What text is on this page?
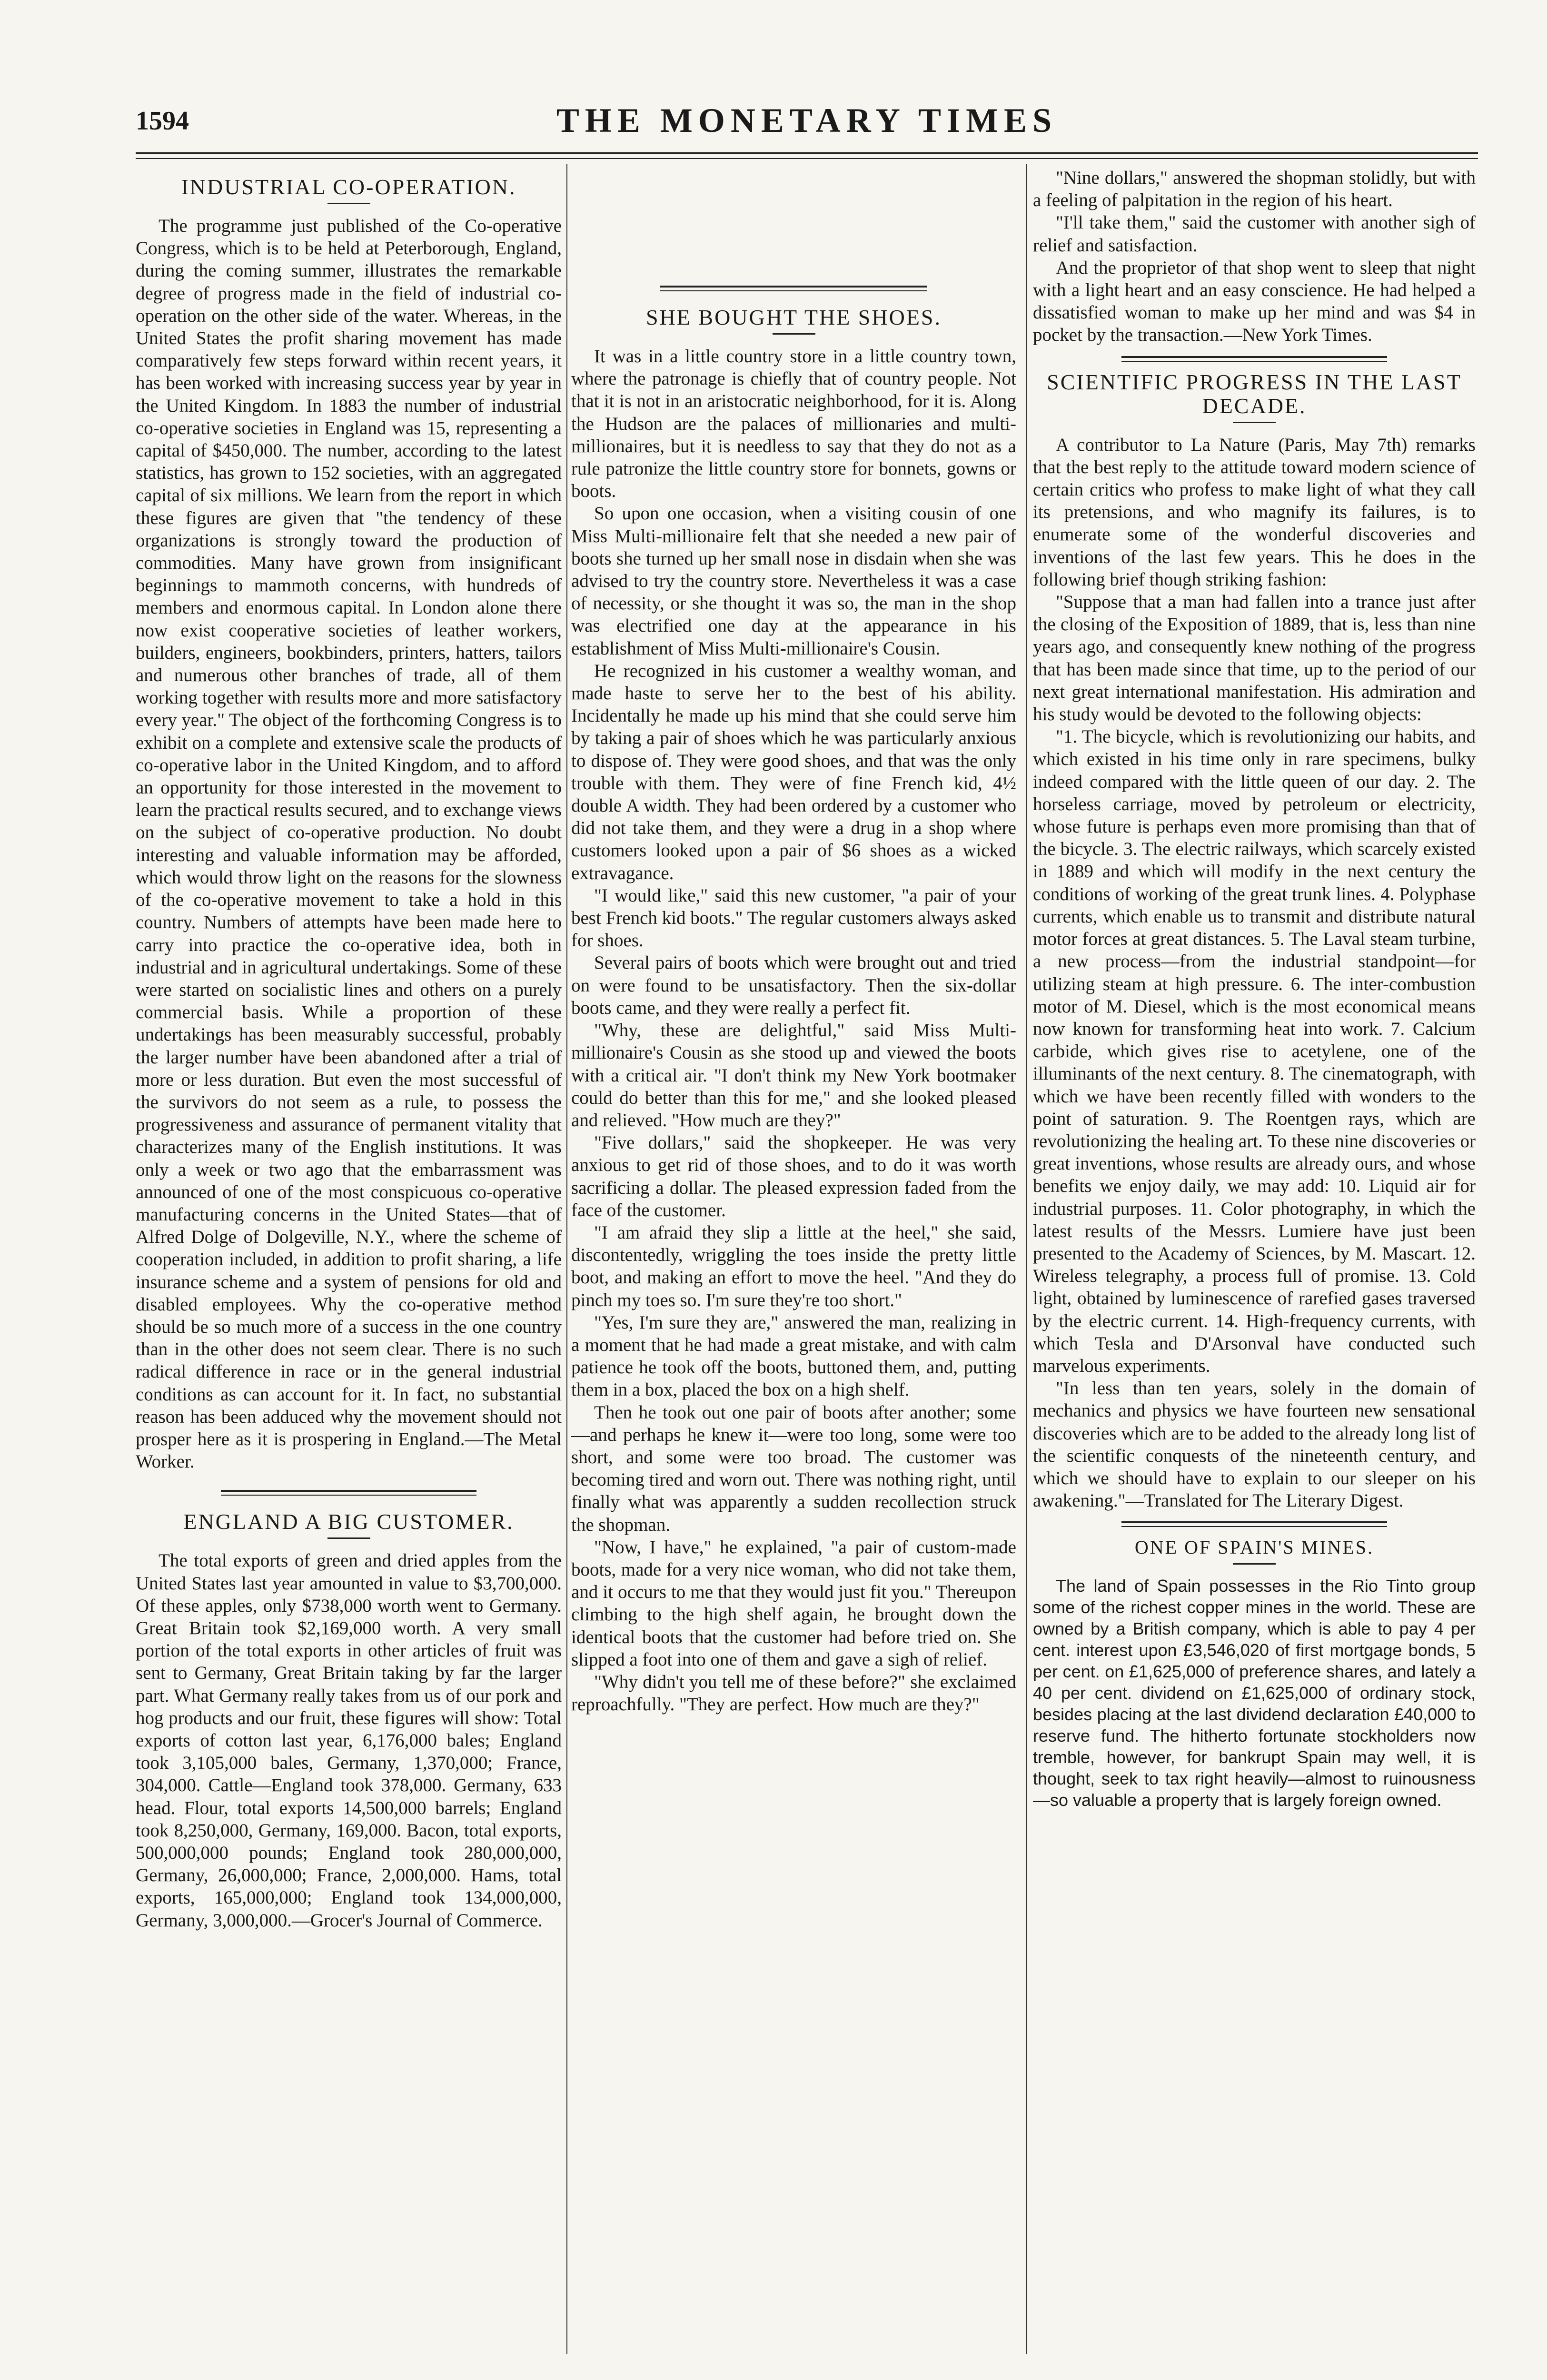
1594	THE MONETARY TIMES
INDUSTRIAL CO-OPERATION.

The programme just published of the Co-operative Congress, which is to be held at Peterborough, England, during the coming summer, illustrates the remarkable degree of progress made in the field of industrial co-operation on the other side of the water. Whereas, in the United States the profit sharing movement has made comparatively few steps forward within recent years, it has been worked with increasing success year by year in the United Kingdom. In 1883 the number of industrial co-operative societies in England was 15, representing a capital of $450,000. The number, according to the latest statistics, has grown to 152 societies, with an aggregated capital of six millions. We learn from the report in which these figures are given that "the tendency of these organizations is strongly toward the production of commodities. Many have grown from insignificant beginnings to mammoth concerns, with hundreds of members and enormous capital. In London alone there now exist cooperative societies of leather workers, builders, engineers, bookbinders, printers, hatters, tailors and numerous other branches of trade, all of them working together with results more and more satisfactory every year." The object of the forthcoming Congress is to exhibit on a complete and extensive scale the products of co-operative labor in the United Kingdom, and to afford an opportunity for those interested in the movement to learn the practical results secured, and to exchange views on the subject of co-operative production. No doubt interesting and valuable information may be afforded, which would throw light on the reasons for the slowness of the co-operative movement to take a hold in this country. Numbers of attempts have been made here to carry into practice the co-operative idea, both in industrial and in agricultural undertakings. Some of these were started on socialistic lines and others on a purely commercial basis. While a proportion of these undertakings has been measurably successful, probably the larger number have been abandoned after a trial of more or less duration. But even the most successful of the survivors do not seem as a rule, to possess the progressiveness and assurance of permanent vitality that characterizes many of the English institutions. It was only a week or two ago that the embarrassment was announced of one of the most conspicuous co-operative manufacturing concerns in the United States—that of Alfred Dolge of Dolgeville, N.Y., where the scheme of cooperation included, in addition to profit sharing, a life insurance scheme and a system of pensions for old and disabled employees. Why the co-operative method should be so much more of a success in the one country than in the other does not seem clear. There is no such radical difference in race or in the general industrial conditions as can account for it. In fact, no substantial reason has been adduced why the movement should not prosper here as it is prospering in England.—The Metal Worker.

ENGLAND A BIG CUSTOMER.

The total exports of green and dried apples from the United States last year amounted in value to $3,700,000. Of these apples, only $738,000 worth went to Germany. Great Britain took $2,169,000 worth. A very small portion of the total exports in other articles of fruit was sent to Germany, Great Britain taking by far the larger part. What Germany really takes from us of our pork and hog products and our fruit, these figures will show: Total exports of cotton last year, 6,176,000 bales; England took 3,105,000 bales, Germany, 1,370,000; France, 304,000. Cattle—England took 378,000. Germany, 633 head. Flour, total exports 14,500,000 barrels; England took 8,250,000, Germany, 169,000. Bacon, total exports, 500,000,000 pounds; England took 280,000,000, Germany, 26,000,000; France, 2,000,000. Hams, total exports, 165,000,000; England took 134,000,000, Germany, 3,000,000.—Grocer's Journal of Commerce.

SHE BOUGHT THE SHOES.

It was in a little country store in a little country town, where the patronage is chiefly that of country people. Not that it is not in an aristocratic neighborhood, for it is. Along the Hudson are the palaces of millionaries and multi-millionaires, but it is needless to say that they do not as a rule patronize the little country store for bonnets, gowns or boots.

So upon one occasion, when a visiting cousin of one Miss Multi-millionaire felt that she needed a new pair of boots she turned up her small nose in disdain when she was advised to try the country store. Nevertheless it was a case of necessity, or she thought it was so, the man in the shop was electrified one day at the appearance in his establishment of Miss Multi-millionaire's Cousin.

He recognized in his customer a wealthy woman, and made haste to serve her to the best of his ability. Incidentally he made up his mind that she could serve him by taking a pair of shoes which he was particularly anxious to dispose of. They were good shoes, and that was the only trouble with them. They were of fine French kid, 4½ double A width. They had been ordered by a customer who did not take them, and they were a drug in a shop where customers looked upon a pair of $6 shoes as a wicked extravagance.

"I would like," said this new customer, "a pair of your best French kid boots." The regular customers always asked for shoes.

Several pairs of boots which were brought out and tried on were found to be unsatisfactory. Then the six-dollar boots came, and they were really a perfect fit.

"Why, these are delightful," said Miss Multi-millionaire's Cousin as she stood up and viewed the boots with a critical air. "I don't think my New York bootmaker could do better than this for me," and she looked pleased and relieved. "How much are they?"

"Five dollars," said the shopkeeper. He was very anxious to get rid of those shoes, and to do it was worth sacrificing a dollar. The pleased expression faded from the face of the customer.

"I am afraid they slip a little at the heel," she said, discontentedly, wriggling the toes inside the pretty little boot, and making an effort to move the heel. "And they do pinch my toes so. I'm sure they're too short."

"Yes, I'm sure they are," answered the man, realizing in a moment that he had made a great mistake, and with calm patience he took off the boots, buttoned them, and, putting them in a box, placed the box on a high shelf.

Then he took out one pair of boots after another; some—and perhaps he knew it—were too long, some were too short, and some were too broad. The customer was becoming tired and worn out. There was nothing right, until finally what was apparently a sudden recollection struck the shopman.

"Now, I have," he explained, "a pair of custom-made boots, made for a very nice woman, who did not take them, and it occurs to me that they would just fit you." Thereupon climbing to the high shelf again, he brought down the identical boots that the customer had before tried on. She slipped a foot into one of them and gave a sigh of relief.

"Why didn't you tell me of these before?" she exclaimed reproachfully. "They are perfect. How much are they?"

"Nine dollars," answered the shopman stolidly, but with a feeling of palpitation in the region of his heart.

"I'll take them," said the customer with another sigh of relief and satisfaction.

And the proprietor of that shop went to sleep that night with a light heart and an easy conscience. He had helped a dissatisfied woman to make up her mind and was $4 in pocket by the transaction.—New York Times.

SCIENTIFIC PROGRESS IN THE LAST DECADE.

A contributor to La Nature (Paris, May 7th) remarks that the best reply to the attitude toward modern science of certain critics who profess to make light of what they call its pretensions, and who magnify its failures, is to enumerate some of the wonderful discoveries and inventions of the last few years. This he does in the following brief though striking fashion:

"Suppose that a man had fallen into a trance just after the closing of the Exposition of 1889, that is, less than nine years ago, and consequently knew nothing of the progress that has been made since that time, up to the period of our next great international manifestation. His admiration and his study would be devoted to the following objects:

"1. The bicycle, which is revolutionizing our habits, and which existed in his time only in rare specimens, bulky indeed compared with the little queen of our day. 2. The horseless carriage, moved by petroleum or electricity, whose future is perhaps even more promising than that of the bicycle. 3. The electric railways, which scarcely existed in 1889 and which will modify in the next century the conditions of working of the great trunk lines. 4. Polyphase currents, which enable us to transmit and distribute natural motor forces at great distances. 5. The Laval steam turbine, a new process—from the industrial standpoint—for utilizing steam at high pressure. 6. The inter-combustion motor of M. Diesel, which is the most economical means now known for transforming heat into work. 7. Calcium carbide, which gives rise to acetylene, one of the illuminants of the next century. 8. The cinematograph, with which we have been recently filled with wonders to the point of saturation. 9. The Roentgen rays, which are revolutionizing the healing art. To these nine discoveries or great inventions, whose results are already ours, and whose benefits we enjoy daily, we may add: 10. Liquid air for industrial purposes. 11. Color photography, in which the latest results of the Messrs. Lumiere have just been presented to the Academy of Sciences, by M. Mascart. 12. Wireless telegraphy, a process full of promise. 13. Cold light, obtained by luminescence of rarefied gases traversed by the electric current. 14. High-frequency currents, with which Tesla and D'Arsonval have conducted such marvelous experiments.

"In less than ten years, solely in the domain of mechanics and physics we have fourteen new sensational discoveries which are to be added to the already long list of the scientific conquests of the nineteenth century, and which we should have to explain to our sleeper on his awakening."—Translated for The Literary Digest.

ONE OF SPAIN'S MINES.

The land of Spain possesses in the Rio Tinto group some of the richest copper mines in the world. These are owned by a British company, which is able to pay 4 per cent. interest upon £3,546,020 of first mortgage bonds, 5 per cent. on £1,625,000 of preference shares, and lately a 40 per cent. dividend on £1,625,000 of ordinary stock, besides placing at the last dividend declaration £40,000 to reserve fund. The hitherto fortunate stockholders now tremble, however, for bankrupt Spain may well, it is thought, seek to tax right heavily—almost to ruinousness—so valuable a property that is largely foreign owned.
